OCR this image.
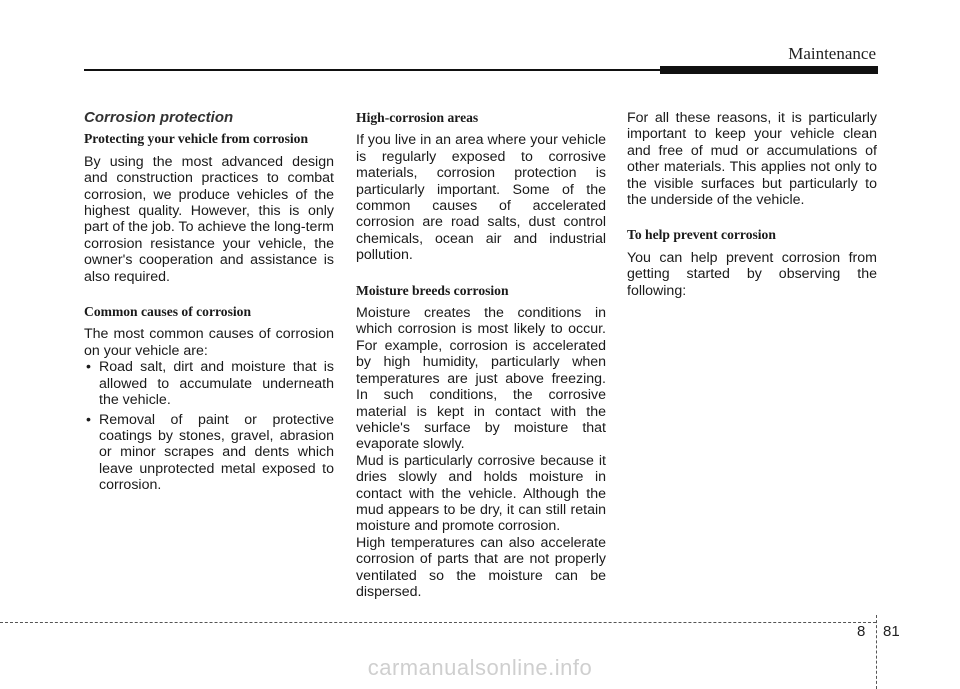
Maintenance
Corrosion protection
Protecting your vehicle from corrosion

By using the most advanced design and construction practices to combat corrosion, we produce vehicles of the highest quality. However, this is only part of the job. To achieve the long-term corrosion resistance your vehicle, the owner's cooperation and assistance is also required.

Common causes of corrosion

The most common causes of corrosion on your vehicle are:

• Road salt, dirt and moisture that is allowed to accumulate underneath the vehicle.
• Removal of paint or protective coatings by stones, gravel, abrasion or minor scrapes and dents which leave unprotected metal exposed to corrosion.
High-corrosion areas

If you live in an area where your vehicle is regularly exposed to corrosive materials, corrosion protection is particularly important. Some of the common causes of accelerated corrosion are road salts, dust control chemicals, ocean air and industrial pollution.

Moisture breeds corrosion

Moisture creates the conditions in which corrosion is most likely to occur. For example, corrosion is accelerated by high humidity, particularly when temperatures are just above freezing. In such conditions, the corrosive material is kept in contact with the vehicle's surface by moisture that evaporate slowly.

Mud is particularly corrosive because it dries slowly and holds moisture in contact with the vehicle. Although the mud appears to be dry, it can still retain moisture and promote corrosion.

High temperatures can also accelerate corrosion of parts that are not properly ventilated so the moisture can be dispersed.

For all these reasons, it is particularly important to keep your vehicle clean and free of mud or accumulations of other materials. This applies not only to the visible surfaces but particularly to the underside of the vehicle.

To help prevent corrosion

You can help prevent corrosion from getting started by observing the following:

8 81
carmanualsonline.info
